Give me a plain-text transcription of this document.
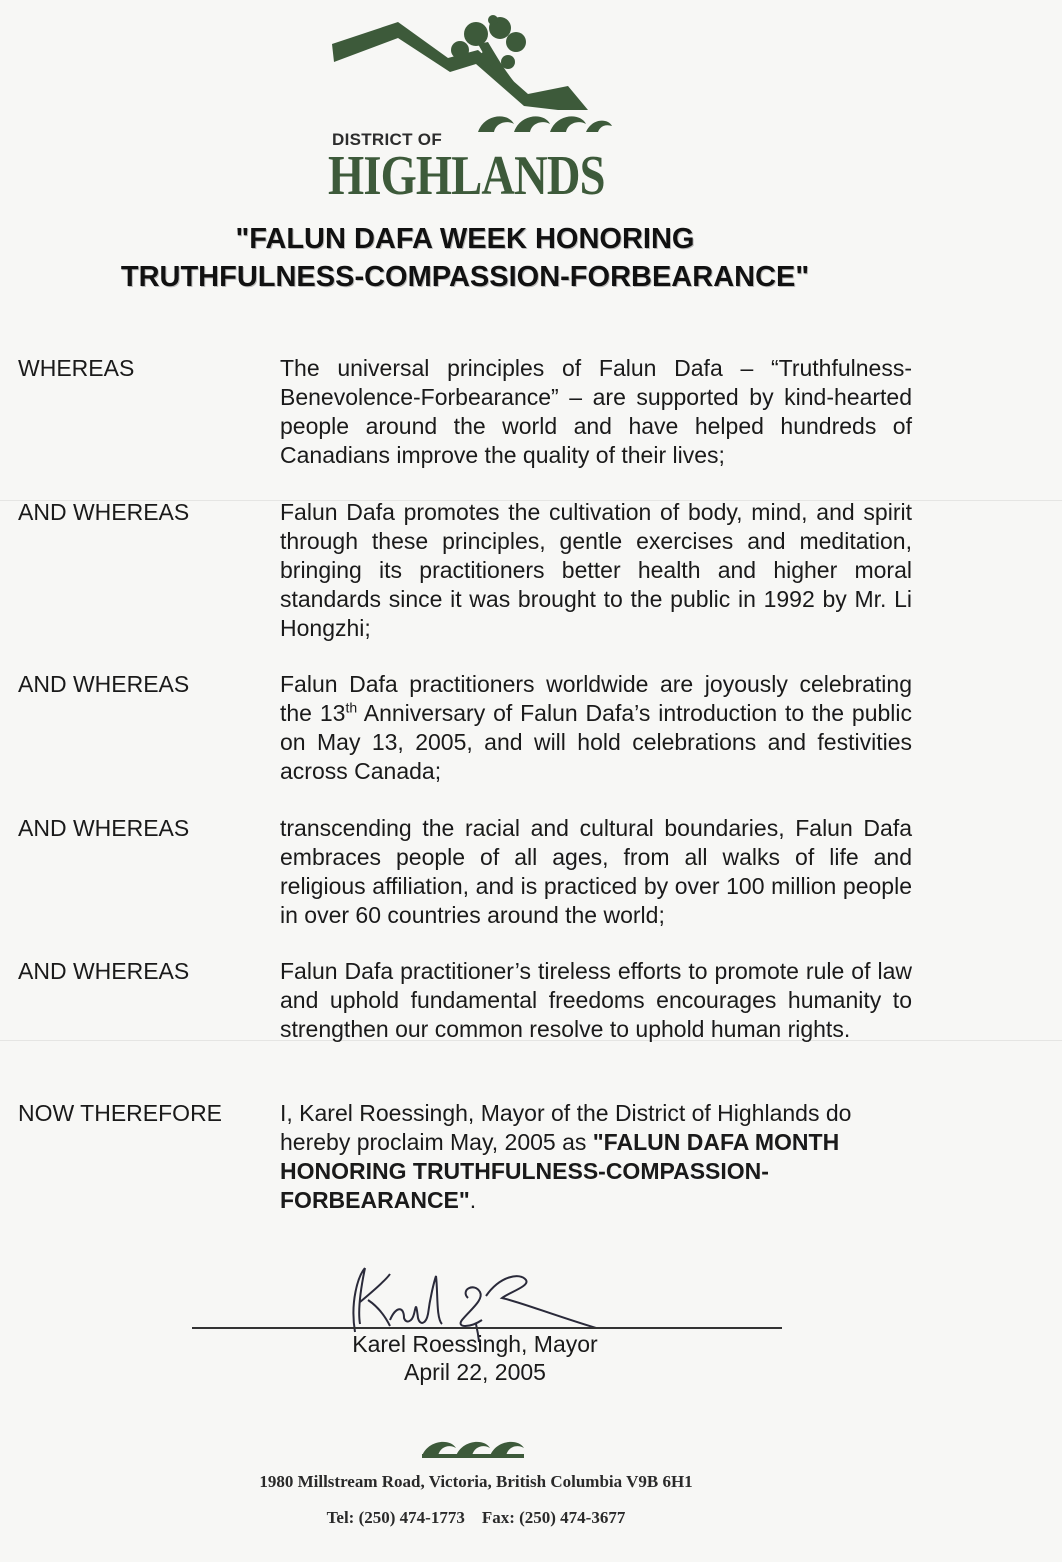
DISTRICT OF
HIGHLANDS
"FALUN DAFA WEEK HONORING
TRUTHFULNESS-COMPASSION-FORBEARANCE"
WHEREAS	The universal principles of Falun Dafa – “Truthfulness-Benevolence-Forbearance” – are supported by kind-hearted people around the world and have helped hundreds of Canadians improve the quality of their lives;
AND WHEREAS	Falun Dafa promotes the cultivation of body, mind, and spirit through these principles, gentle exercises and meditation, bringing its practitioners better health and higher moral standards since it was brought to the public in 1992 by Mr. Li Hongzhi;
AND WHEREAS	Falun Dafa practitioners worldwide are joyously celebrating the 13th Anniversary of Falun Dafa’s introduction to the public on May 13, 2005, and will hold celebrations and festivities across Canada;
AND WHEREAS	transcending the racial and cultural boundaries, Falun Dafa embraces people of all ages, from all walks of life and religious affiliation, and is practiced by over 100 million people in over 60 countries around the world;
AND WHEREAS	Falun Dafa practitioner’s tireless efforts to promote rule of law and uphold fundamental freedoms encourages humanity to strengthen our common resolve to uphold human rights.
NOW THEREFORE	I, Karel Roessingh, Mayor of the District of Highlands do hereby proclaim May, 2005 as "FALUN DAFA MONTH HONORING TRUTHFULNESS-COMPASSION-FORBEARANCE".
Karel Roessingh, Mayor
April 22, 2005
1980 Millstream Road, Victoria, British Columbia V9B 6H1
Tel: (250) 474-1773    Fax: (250) 474-3677
